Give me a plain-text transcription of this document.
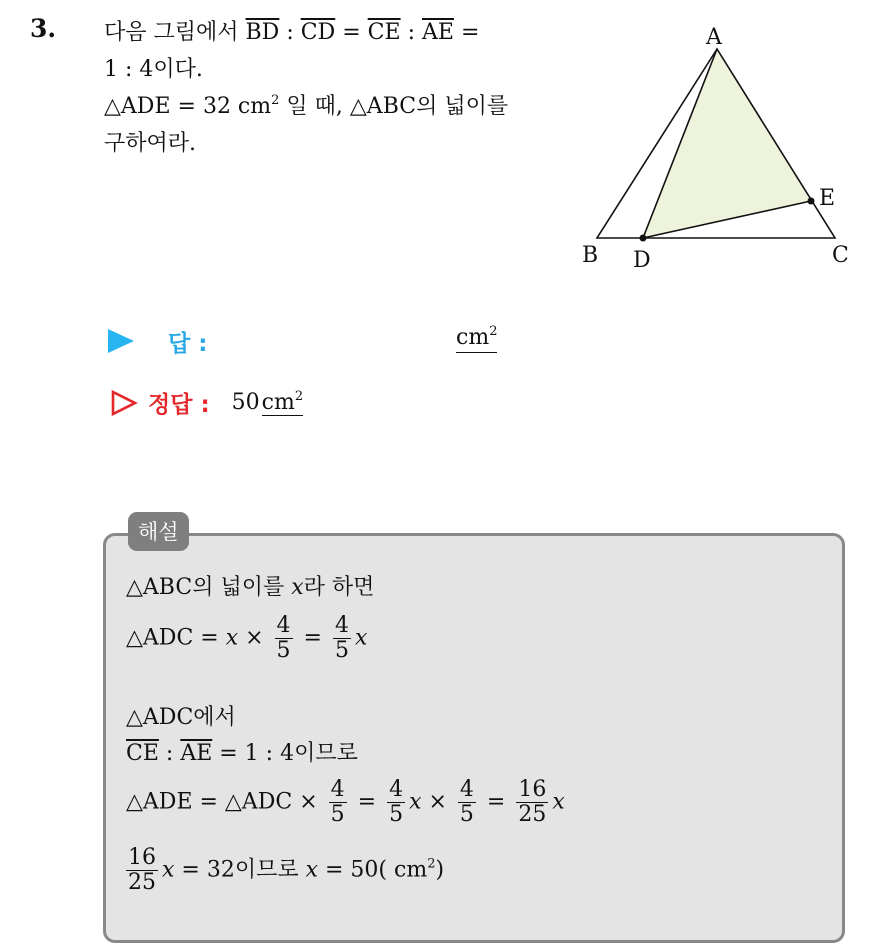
3. 다음 그림에서 $\overline{BD}$ : $\overline{CD} = \overline{CE}$ : $\overline{AE}$ =
1 : 4이다.
△ADE = 32 $cm^2$ 일 때, △ABC의 넓이를
구하여라.
A
B	C
D
E
답 :	$cm^2$
정답 : 50 $cm^2$
해설
△ABC의 넓이를 x라 하면
△ADC = $x \times \frac{4}{5} = \frac{4}{5}$ x
△ADC에서
$\overline{CE}$ : $\overline{AE} = 1$ : 4이므로
△ADE = △ADC × $\frac{4}{5} = \frac{4}{5}$ $x \times \frac{4}{5} = \frac{16}{25}$ x
$\frac{16}{25}$ x = 32이므로 x = 50( $cm^2$)
